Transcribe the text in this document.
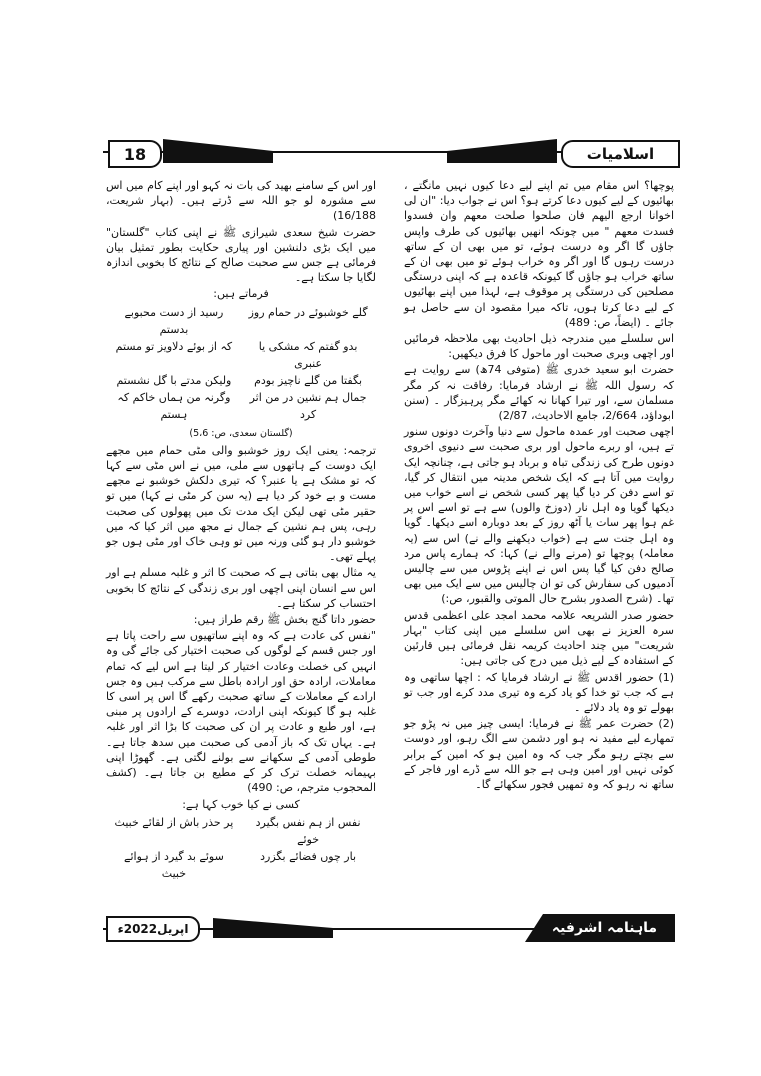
18	اسلامیات

پوچھا؟ اس مقام میں تم اپنے لیے دعا کیوں نہیں مانگتے ، بھائیوں کے لیے کیوں دعا کرتے ہو؟ اس نے جواب دیا: "ان لی اخوانا ارجع الیھم فان صلحوا صلحت معھم وان فسدوا فسدت معھم " میں چونکہ انھیں بھائیوں کی طرف واپس جاؤں گا اگر وہ درست ہوئے، تو میں بھی ان کے ساتھ درست رہوں گا اور اگر وہ خراب ہوئے تو میں بھی ان کے ساتھ خراب ہو جاؤں گا کیونکہ قاعدہ ہے کہ اپنی درستگی مصلحین کی درستگی پر موقوف ہے، لہذا میں اپنے بھائیوں کے لیے دعا کرتا ہوں، تاکہ میرا مقصود ان سے حاصل ہو جائے ۔ (ایضاً، ص: 489)

اس سلسلے میں مندرجہ ذیل احادیث بھی ملاحظہ فرمائیں اور اچھی وبری صحبت اور ماحول کا فرق دیکھیں:

حضرت ابو سعید خدری ﷺ (متوفی 74ھ) سے روایت ہے کہ رسول اللہ ﷺ نے ارشاد فرمایا: رفاقت نہ کر مگر مسلمان سے، اور تیرا کھانا نہ کھائے مگر پرہیزگار ۔ (سنن ابوداؤد، 2/664، جامع الاحادیث، 2/87)

اچھی صحبت اور عمدہ ماحول سے دنیا وآخرت دونوں سنور تے ہیں، او ربرے ماحول اور بری صحبت سے دنیوی اخروی دونوں طرح کی زندگی تباہ و برباد ہو جاتی ہے، چنانچہ ایک روایت میں آتا ہے کہ ایک شخص مدینہ میں انتقال کر گیا، تو اسے دفن کر دیا گیا پھر کسی شخص نے اسے خواب میں دیکھا گویا وہ اہل نار (دوزخ والوں) سے ہے تو اسے اس پر غم ہوا پھر سات یا آٹھ روز کے بعد دوبارہ اسے دیکھا۔ گویا وہ اہل جنت سے ہے (خواب دیکھنے والے نے) اس سے (یہ معاملہ) پوچھا تو (مرنے والے نے) کہا: کہ ہمارے پاس مرد صالح دفن کیا گیا پس اس نے اپنے پڑوس میں سے چالیس آدمیوں کی سفارش کی تو ان چالیس میں سے ایک میں بھی تھا۔ (شرح الصدور بشرح حال الموتی والقبور، ص:)

حضور صدر الشریعہ علامہ محمد امجد علی اعظمی قدس سرہ العزیز نے بھی اس سلسلے میں اپنی کتاب "بہار شریعت" میں چند احادیث کریمہ نقل فرمائی ہیں قارئین کے استفادہ کے لیے ذیل میں درج کی جاتی ہیں:

(1) حضور اقدس ﷺ نے ارشاد فرمایا کہ : اچھا ساتھی وہ ہے کہ جب تو خدا کو یاد کرے وہ تیری مدد کرے اور جب تو بھولے تو وہ یاد دلائے ۔

(2) حضرت عمر ﷺ نے فرمایا: ایسی چیز میں نہ پڑو جو تمھارے لیے مفید نہ ہو اور دشمن سے الگ رہو، اور دوست سے بچتے رہو مگر جب کہ وہ امین ہو کہ امین کے برابر کوئی نہیں اور امین وہی ہے جو اللہ سے ڈرے اور فاجر کے ساتھ نہ رہو کہ وہ تمھیں فجور سکھائے گا۔

اور اس کے سامنے بھید کی بات نہ کہو اور اپنے کام میں اس سے مشورہ لو جو اللہ سے ڈرتے ہیں۔ (بہار شریعت، 16/188)

حضرت شیخ سعدی شیرازی ﷺ نے اپنی کتاب "گلستان" میں ایک بڑی دلنشین اور پیاری حکایت بطور تمثیل بیان فرمائی ہے جس سے صحبت صالح کے نتائج کا بخوبی اندازہ لگایا جا سکتا ہے۔

فرماتے ہیں:

گلے خوشبوئے در حمام روز
رسید از دست محبوبے بدستم
بدو گفتم کہ مشکی یا عنبری
کہ از بوئے دلاویز تو مستم
بگفتا من گلے ناچیز بودم
ولیکن مدتے با گل نشستم
جمال ہم نشین در من اثر کرد
وگرنہ من ہماں خاکم کہ ہستم
(گلستان سعدی، ص: 5،6)

ترجمہ: یعنی ایک روز خوشبو والی مٹی حمام میں مجھے ایک دوست کے ہاتھوں سے ملی، میں نے اس مٹی سے کہا کہ تو مشک ہے یا عنبر؟ کہ تیری دلکش خوشبو نے مجھے مست و بے خود کر دیا ہے (یہ سن کر مٹی نے کہا) میں تو حقیر مٹی تھی لیکن ایک مدت تک میں پھولوں کی صحبت رہی، پس ہم نشین کے جمال نے مجھ میں اثر کیا کہ میں خوشبو دار ہو گئی ورنہ میں تو وہی خاک اور مٹی ہوں جو پہلے تھی۔

یہ مثال بھی بتاتی ہے کہ صحبت کا اثر و غلبہ مسلم ہے اور اس سے انسان اپنی اچھی اور بری زندگی کے نتائج کا بخوبی احتساب کر سکتا ہے۔

حضور داتا گنج بخش ﷺ رقم طراز ہیں:

"نفس کی عادت ہے کہ وہ اپنے ساتھیوں سے راحت پاتا ہے اور جس قسم کے لوگوں کی صحبت اختیار کی جائے گی وہ انہیں کی خصلت وعادت اختیار کر لیتا ہے اس لیے کہ تمام معاملات، ارادہ حق اور ارادہ باطل سے مرکب ہیں وہ جس ارادے کے معاملات کے ساتھ صحبت رکھے گا اس پر اسی کا غلبہ ہو گا کیونکہ اپنی ارادت، دوسرے کے ارادوں پر مبنی ہے، اور طبع و عادت پر ان کی صحبت کا بڑا اثر اور غلبہ ہے۔ یہاں تک کہ باز آدمی کی صحبت میں سدھ جاتا ہے۔ طوطی آدمی کے سکھانے سے بولنے لگتی ہے۔ گھوڑا اپنی بہیمانہ خصلت ترک کر کے مطیع بن جاتا ہے۔ (کشف المحجوب مترجم، ص: 490)

کسی نے کیا خوب کہا ہے:

نفس از ہم نفس بگیرد خوئے
پر حذر باش از لقائے خبیث
بار چوں فضائے بگزرد
سوئے بد گیرد از ہوائے خبیث
ماہنامہ اشرفیہ
اپریل2022ء
